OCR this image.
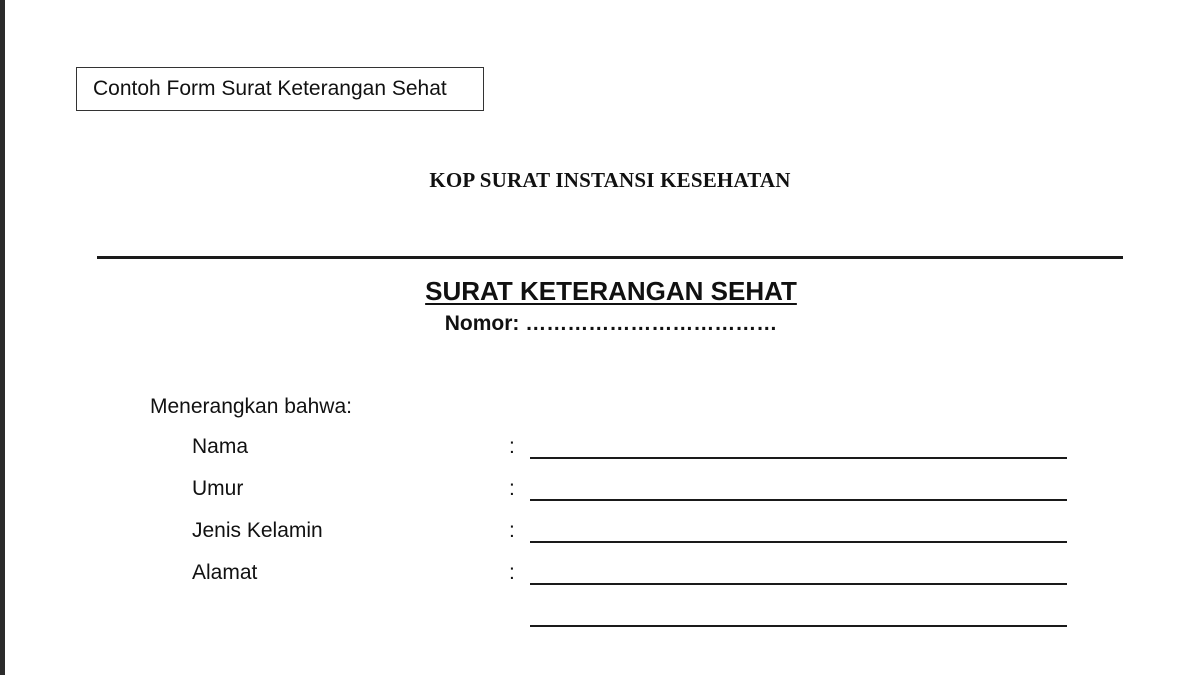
Contoh Form Surat Keterangan Sehat
KOP SURAT INSTANSI KESEHATAN
SURAT KETERANGAN SEHAT
Nomor: ………………………………
Menerangkan bahwa:
Nama	:
Umur	:
Jenis Kelamin	:
Alamat	:
